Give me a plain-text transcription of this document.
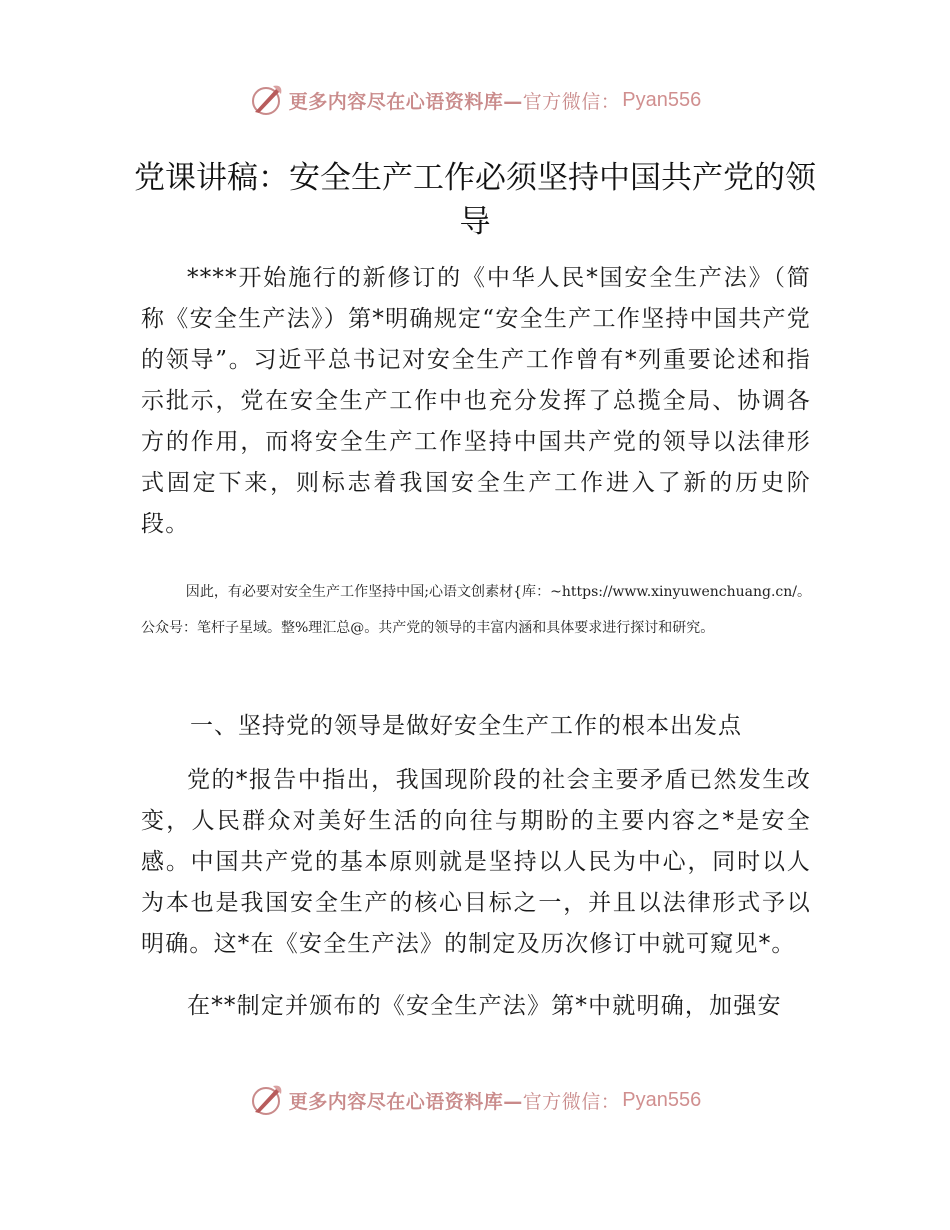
更多内容尽在心语资料库— 官方微信： Pyan556
党课讲稿：安全生产工作必须坚持中国共产党的领导

****开始施行的新修订的《中华人民*国安全生产法》（简称《安全生产法》）第*明确规定“安全生产工作坚持中国共产党的领导”。习近平总书记对安全生产工作曾有*列重要论述和指示批示，党在安全生产工作中也充分发挥了总揽全局、协调各方的作用，而将安全生产工作坚持中国共产党的领导以法律形式固定下来，则标志着我国安全生产工作进入了新的历史阶段。

因此，有必要对安全生产工作坚持中国;心语文创素材{库：~https://www.xinyuwenchuang.cn/。公众号：笔杆子星域。整%理汇总@。共产党的领导的丰富内涵和具体要求进行探讨和研究。

一、坚持党的领导是做好安全生产工作的根本出发点

党的*报告中指出，我国现阶段的社会主要矛盾已然发生改变，人民群众对美好生活的向往与期盼的主要内容之*是安全感。中国共产党的基本原则就是坚持以人民为中心，同时以人为本也是我国安全生产的核心目标之一，并且以法律形式予以明确。这*在《安全生产法》的制定及历次修订中就可窥见*。

在**制定并颁布的《安全生产法》第*中就明确，加强安

更多内容尽在心语资料库— 官方微信： Pyan556
